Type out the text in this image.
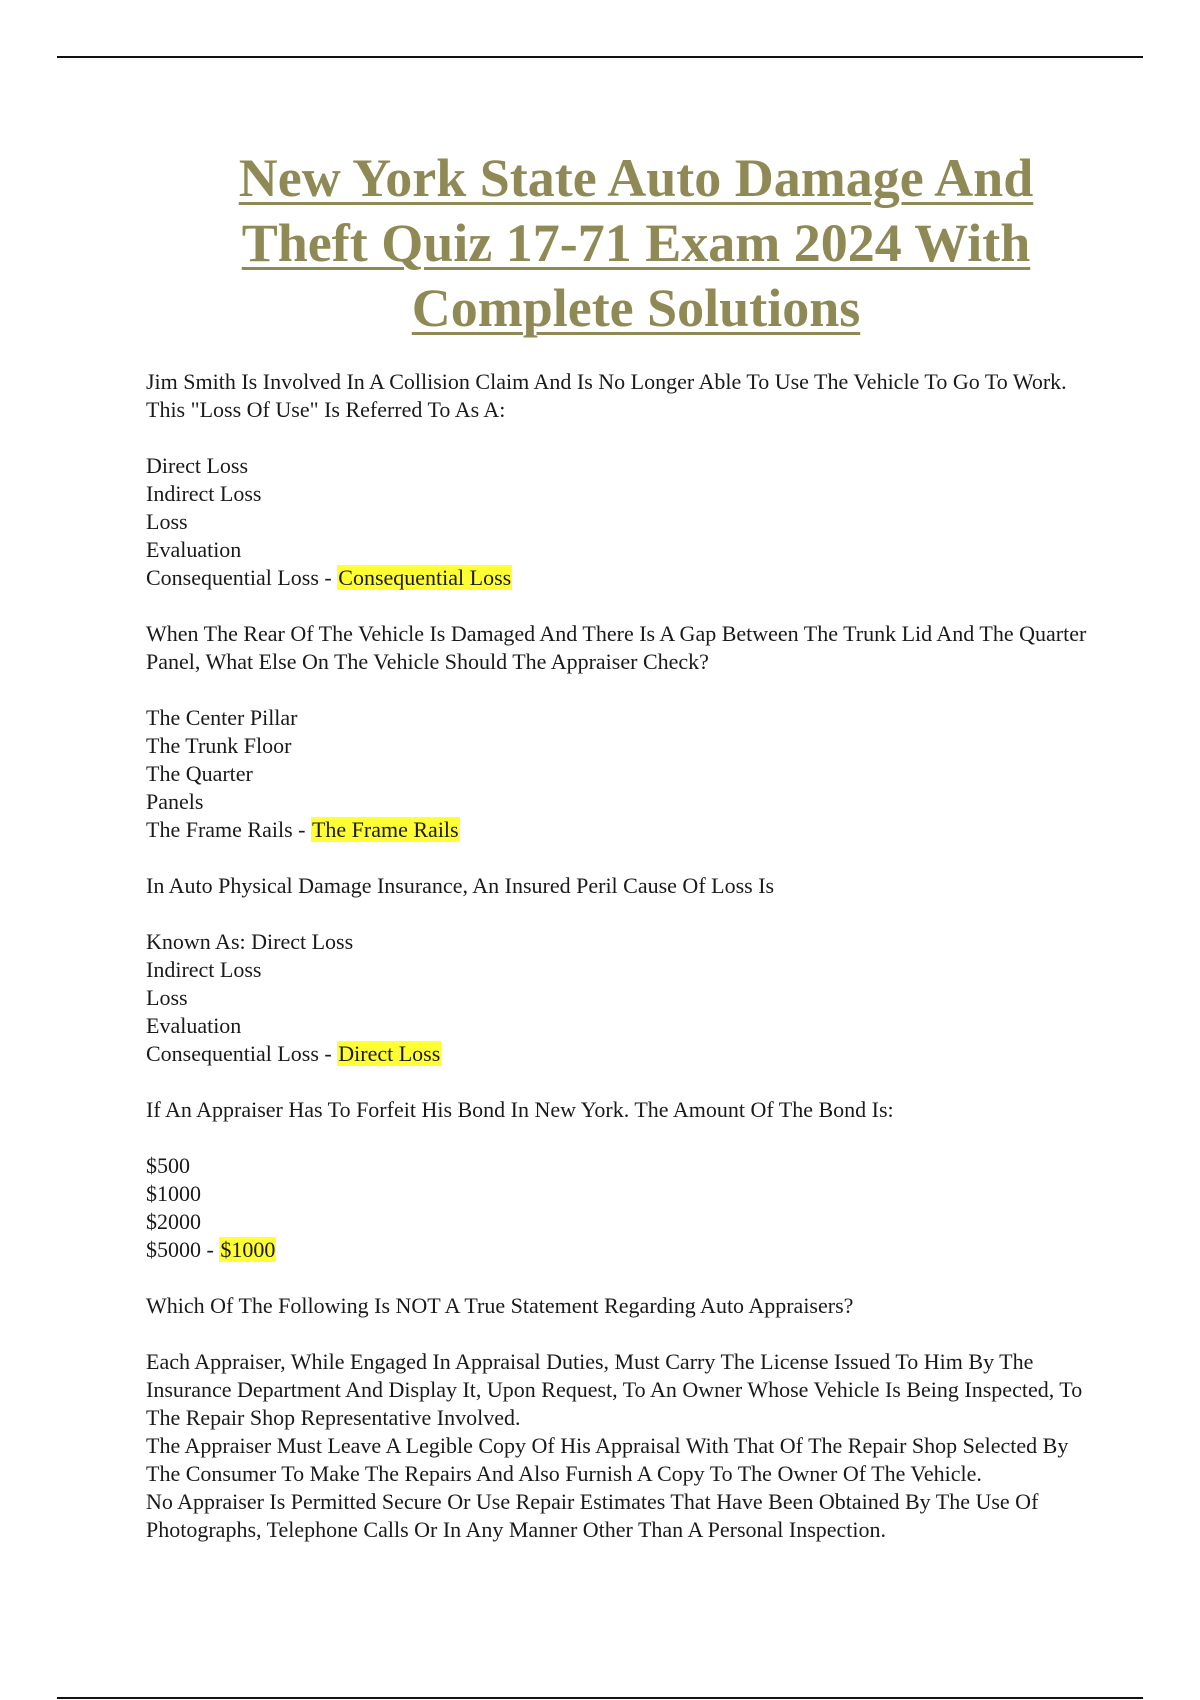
New York State Auto Damage And
Theft Quiz 17-71 Exam 2024 With
Complete Solutions

Jim Smith Is Involved In A Collision Claim And Is No Longer Able To Use The Vehicle To Go To Work. This "Loss Of Use" Is Referred To As A:

Direct Loss
Indirect Loss
Loss
Evaluation
Consequential Loss - Consequential Loss

When The Rear Of The Vehicle Is Damaged And There Is A Gap Between The Trunk Lid And The Quarter Panel, What Else On The Vehicle Should The Appraiser Check?

The Center Pillar
The Trunk Floor
The Quarter
Panels
The Frame Rails - The Frame Rails

In Auto Physical Damage Insurance, An Insured Peril Cause Of Loss Is

Known As: Direct Loss
Indirect Loss
Loss
Evaluation
Consequential Loss - Direct Loss

If An Appraiser Has To Forfeit His Bond In New York. The Amount Of The Bond Is:

$500
$1000
$2000
$5000 - $1000

Which Of The Following Is NOT A True Statement Regarding Auto Appraisers?

Each Appraiser, While Engaged In Appraisal Duties, Must Carry The License Issued To Him By The Insurance Department And Display It, Upon Request, To An Owner Whose Vehicle Is Being Inspected, To The Repair Shop Representative Involved.
The Appraiser Must Leave A Legible Copy Of His Appraisal With That Of The Repair Shop Selected By The Consumer To Make The Repairs And Also Furnish A Copy To The Owner Of The Vehicle.
No Appraiser Is Permitted Secure Or Use Repair Estimates That Have Been Obtained By The Use Of Photographs, Telephone Calls Or In Any Manner Other Than A Personal Inspection.
